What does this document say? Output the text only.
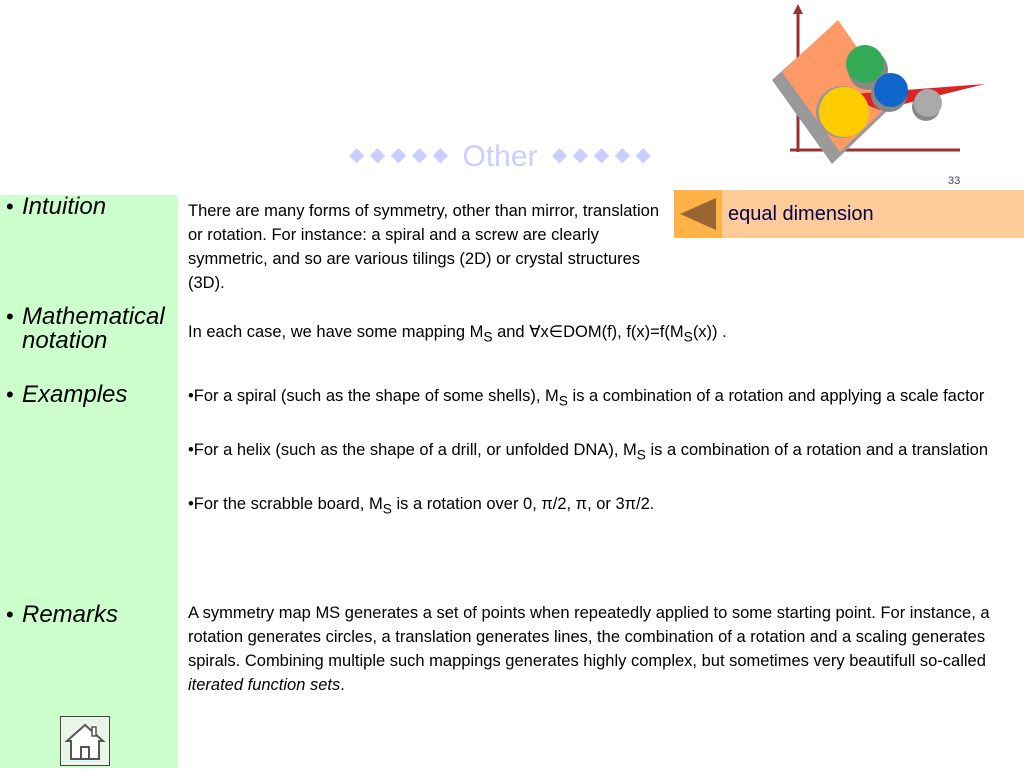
◆ ◆ ◆ ◆ ◆ Other ◆ ◆ ◆ ◆ ◆
33
equal dimension
• Intuition
• Mathematical notation
• Examples
• Remarks
There are many forms of symmetry, other than mirror, translation or rotation. For instance: a spiral and a screw are clearly symmetric, and so are various tilings (2D) or crystal structures (3D).
In each case, we have some mapping $M_S$ and ∀x∈DOM(f), $f(x)=f(M_S(x))$ .
•For a spiral (such as the shape of some shells), $M_S$ is a combination of a rotation and applying a scale factor
•For a helix (such as the shape of a drill, or unfolded DNA), $M_S$ is a combination of a rotation and a translation
•For the scrabble board, $M_S$ is a rotation over 0, π/2, π, or 3π/2.
A symmetry map MS generates a set of points when repeatedly applied to some starting point. For instance, a rotation generates circles, a translation generates lines, the combination of a rotation and a scaling generates spirals. Combining multiple such mappings generates highly complex, but sometimes very beautifull so-called iterated function sets.
